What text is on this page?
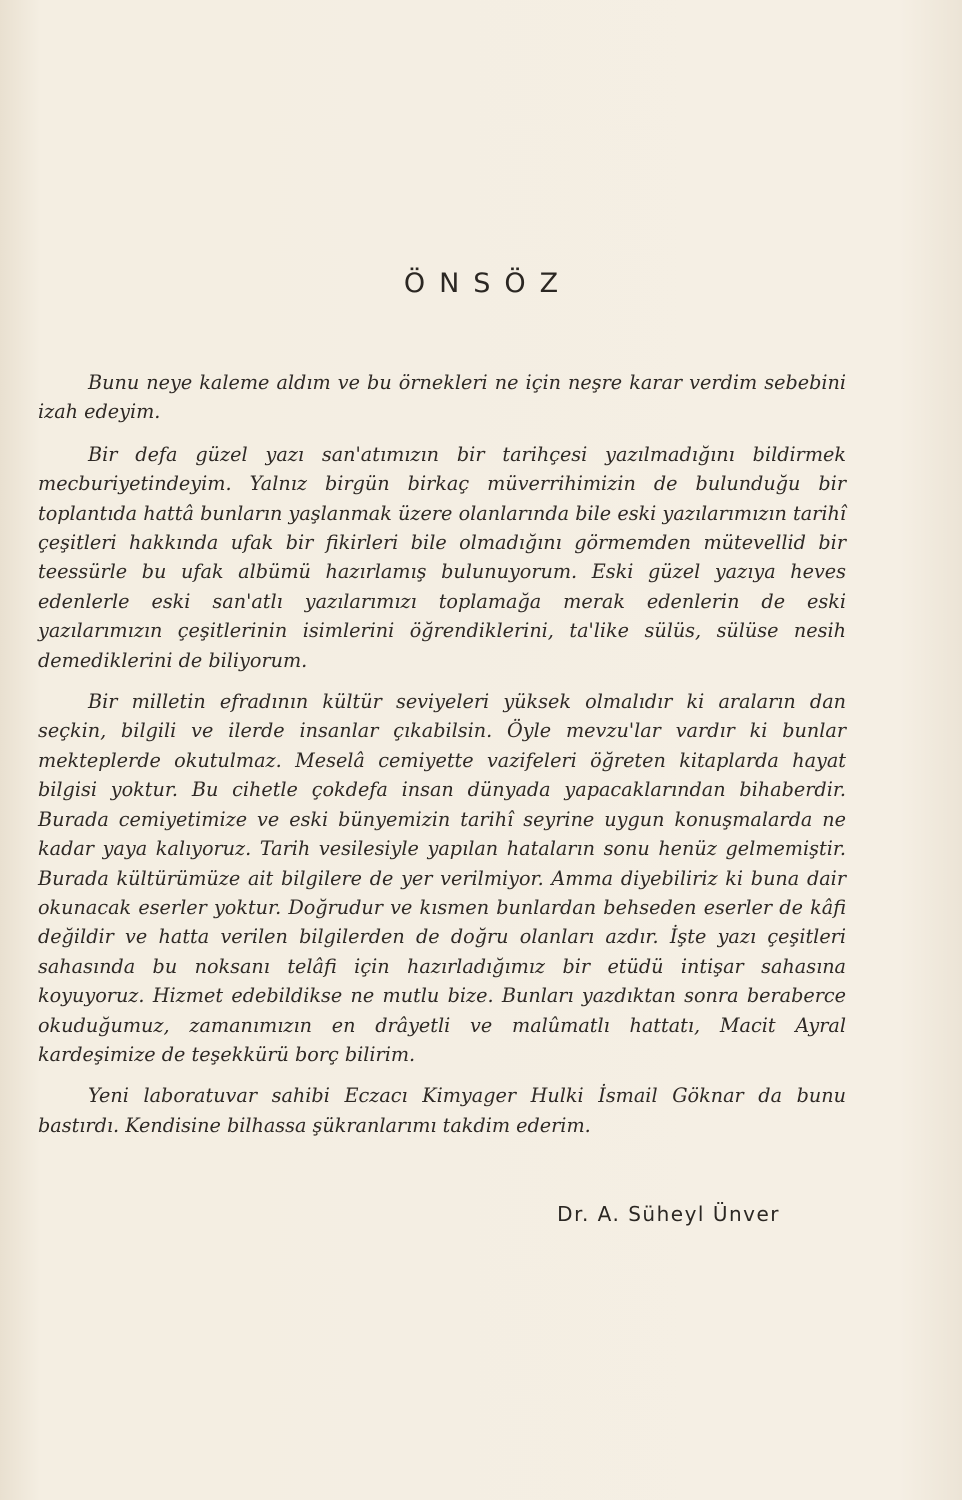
ÖNSÖZ

Bunu neye kaleme aldım ve bu örnekleri ne için neşre karar verdim sebebini izah edeyim.

Bir defa güzel yazı san'atımızın bir tarihçesi yazılmadığını bildirmek mecburiyetindeyim. Yalnız birgün birkaç müverrihimizin de bulunduğu bir toplantıda hattâ bunların yaşlanmak üzere olanlarında bile eski yazılarımızın tarihî çeşitleri hakkında ufak bir fikirleri bile olmadığını görmemden mütevellid bir teessürle bu ufak albümü hazırlamış bulunuyorum. Eski güzel yazıya heves edenlerle eski san'atlı yazılarımızı toplamağa merak edenlerin de eski yazılarımızın çeşitlerinin isimlerini öğrendiklerini, ta'like sülüs, sülüse nesih demediklerini de biliyorum.

Bir milletin efradının kültür seviyeleri yüksek olmalıdır ki araların dan seçkin, bilgili ve ilerde insanlar çıkabilsin. Öyle mevzu'lar vardır ki bunlar mekteplerde okutulmaz. Meselâ cemiyette vazifeleri öğreten kitaplarda hayat bilgisi yoktur. Bu cihetle çokdefa insan dünyada yapacaklarından bihaberdir. Burada cemiyetimize ve eski bünyemizin tarihî seyrine uygun konuşmalarda ne kadar yaya kalıyoruz. Tarih vesilesiyle yapılan hataların sonu henüz gelmemiştir. Burada kültürümüze ait bilgilere de yer verilmiyor. Amma diyebiliriz ki buna dair okunacak eserler yoktur. Doğrudur ve kısmen bunlardan behseden eserler de kâfi değildir ve hatta verilen bilgilerden de doğru olanları azdır. İşte yazı çeşitleri sahasında bu noksanı telâfi için hazırladığımız bir etüdü intişar sahasına koyuyoruz. Hizmet edebildikse ne mutlu bize. Bunları yazdıktan sonra beraberce okuduğumuz, zamanımızın en drâyetli ve malûmatlı hattatı, Macit Ayral kardeşimize de teşekkürü borç bilirim.

Yeni laboratuvar sahibi Eczacı Kimyager Hulki İsmail Göknar da bunu bastırdı. Kendisine bilhassa şükranlarımı takdim ederim.

Dr. A. Süheyl Ünver
